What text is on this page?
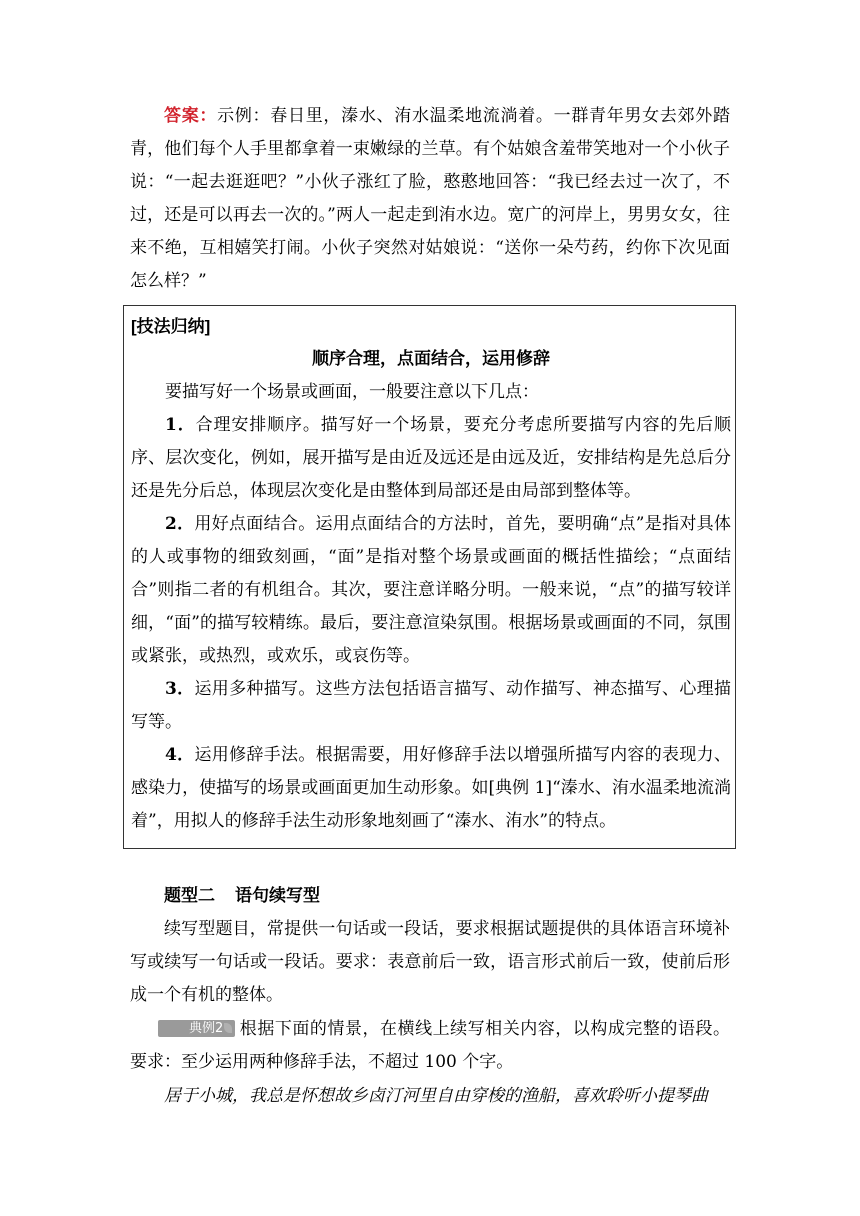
答案：示例：春日里，溱水、洧水温柔地流淌着。一群青年男女去郊外踏青，他们每个人手里都拿着一束嫩绿的兰草。有个姑娘含羞带笑地对一个小伙子说：“一起去逛逛吧？”小伙子涨红了脸，憨憨地回答：“我已经去过一次了，不过，还是可以再去一次的。”两人一起走到洧水边。宽广的河岸上，男男女女，往来不绝，互相嬉笑打闹。小伙子突然对姑娘说：“送你一朵芍药，约你下次见面怎么样？”

[技法归纳]

顺序合理，点面结合，运用修辞

要描写好一个场景或画面，一般要注意以下几点：

1．合理安排顺序。描写好一个场景，要充分考虑所要描写内容的先后顺序、层次变化，例如，展开描写是由近及远还是由远及近，安排结构是先总后分还是先分后总，体现层次变化是由整体到局部还是由局部到整体等。

2．用好点面结合。运用点面结合的方法时，首先，要明确“点”是指对具体的人或事物的细致刻画，“面”是指对整个场景或画面的概括性描绘；“点面结合”则指二者的有机组合。其次，要注意详略分明。一般来说，“点”的描写较详细，“面”的描写较精练。最后，要注意渲染氛围。根据场景或画面的不同，氛围或紧张，或热烈，或欢乐，或哀伤等。

3．运用多种描写。这些方法包括语言描写、动作描写、神态描写、心理描写等。

4．运用修辞手法。根据需要，用好修辞手法以增强所描写内容的表现力、感染力，使描写的场景或画面更加生动形象。如[典例 1]“溱水、洧水温柔地流淌着”，用拟人的修辞手法生动形象地刻画了“溱水、洧水”的特点。

题型二 语句续写型

续写型题目，常提供一句话或一段话，要求根据试题提供的具体语言环境补写或续写一句话或一段话。要求：表意前后一致，语言形式前后一致，使前后形成一个有机的整体。

典例2 根据下面的情景，在横线上续写相关内容，以构成完整的语段。要求：至少运用两种修辞手法，不超过 100 个字。

居于小城，我总是怀想故乡卤汀河里自由穿梭的渔船，喜欢聆听小提琴曲
